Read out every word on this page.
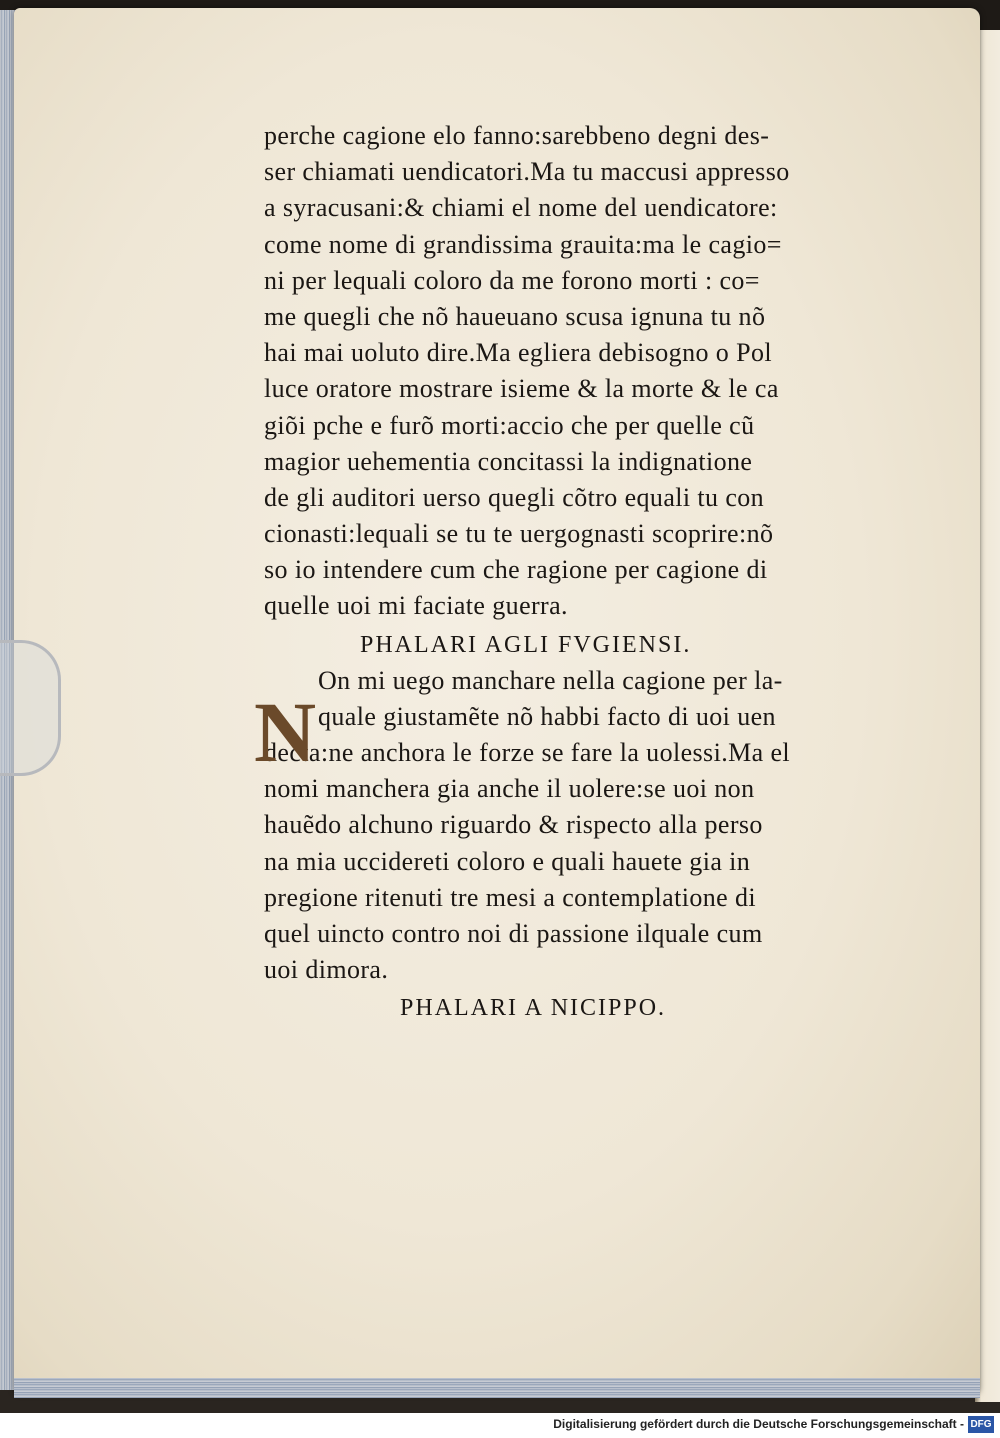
perche cagione elo fanno:sarebbeno degni des-
ser chiamati uendicatori.Ma tu maccusi appresso
a syracusani:& chiami el nome del uendicatore:
come nome di grandissima grauita:ma le cagio=
ni per lequali coloro da me forono morti : co=
me quegli che nõ haueuano scusa ignuna tu nõ
hai mai uoluto dire.Ma egliera debisogno o Pol
luce oratore mostrare isieme & la morte & le ca
giõi pche e furõ morti:accio che per quelle cũ
magior uehementia concitassi la indignatione
de gli auditori uerso quegli cõtro equali tu con
cionasti:lequali se tu te uergognasti scoprire:nõ
so io intendere cum che ragione per cagione di
quelle uoi mi faciate guerra.
PHALARI AGLI FVGIENSI.
On mi uego manchare nella cagione per la-
quale giustamẽte nõ habbi facto di uoi uen
decta:ne anchora le forze se fare la uolessi.Ma el
nomi manchera gia anche il uolere:se uoi non
hauẽdo alchuno riguardo & rispecto alla perso
na mia uccidereti coloro e quali hauete gia in
pregione ritenuti tre mesi a contemplatione di
quel uincto contro noi di passione ilquale cum
uoi dimora.
PHALARI A NICIPPO.
N
Digitalisierung gefördert durch die Deutsche Forschungsgemeinschaft - DFG
